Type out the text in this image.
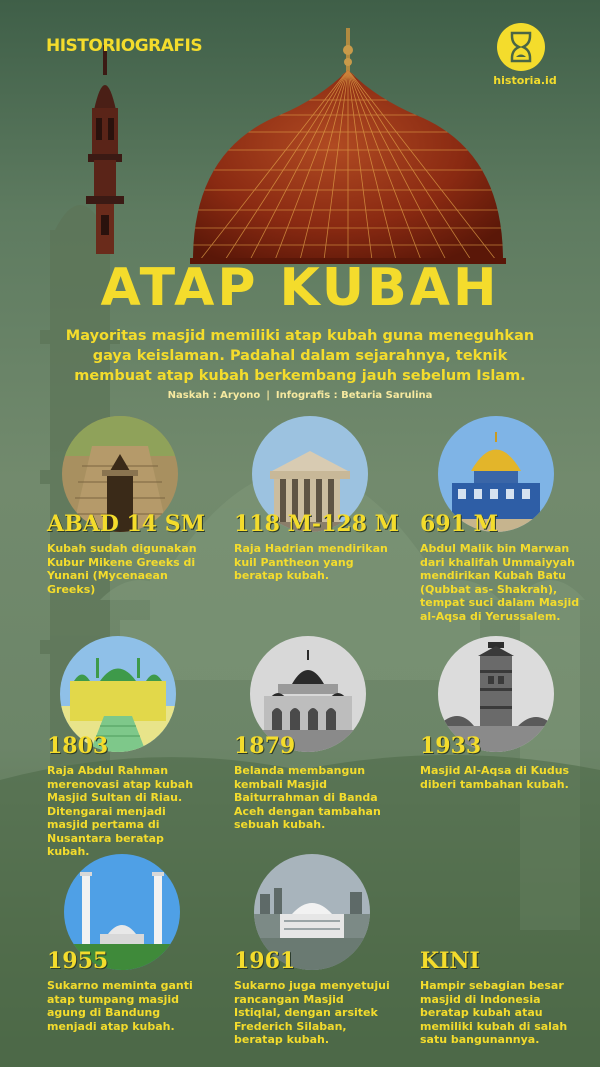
HISTORIOGRAFIS
historia.id
ATAP KUBAH
Mayoritas masjid memiliki atap kubah guna meneguhkan gaya keislaman. Padahal dalam sejarahnya, teknik membuat atap kubah berkembang jauh sebelum Islam.
Naskah : Aryono | Infografis : Betaria Sarulina
ABAD 14 SM
Kubah sudah digunakan Kubur Mikene Greeks di Yunani (Mycenaean Greeks)
118 M-128 M
Raja Hadrian mendirikan kuil Pantheon yang beratap kubah.
691 M
Abdul Malik bin Marwan dari khalifah Ummaiyyah mendirikan Kubah Batu (Qubbat as- Shakrah), tempat suci dalam Masjid al-Aqsa di Yerussalem.
1803
Raja Abdul Rahman merenovasi atap kubah Masjid Sultan di Riau. Ditengarai menjadi masjid pertama di Nusantara beratap kubah.
1879
Belanda membangun kembali Masjid Baiturrahman di Banda Aceh dengan tambahan sebuah kubah.
1933
Masjid Al-Aqsa di Kudus diberi tambahan kubah.
1955
Sukarno meminta ganti atap tumpang masjid agung di Bandung menjadi atap kubah.
1961
Sukarno juga menyetujui rancangan Masjid Istiqlal, dengan arsitek Frederich Silaban, beratap kubah.
KINI
Hampir sebagian besar masjid di Indonesia beratap kubah atau memiliki kubah di salah satu bangunannya.
